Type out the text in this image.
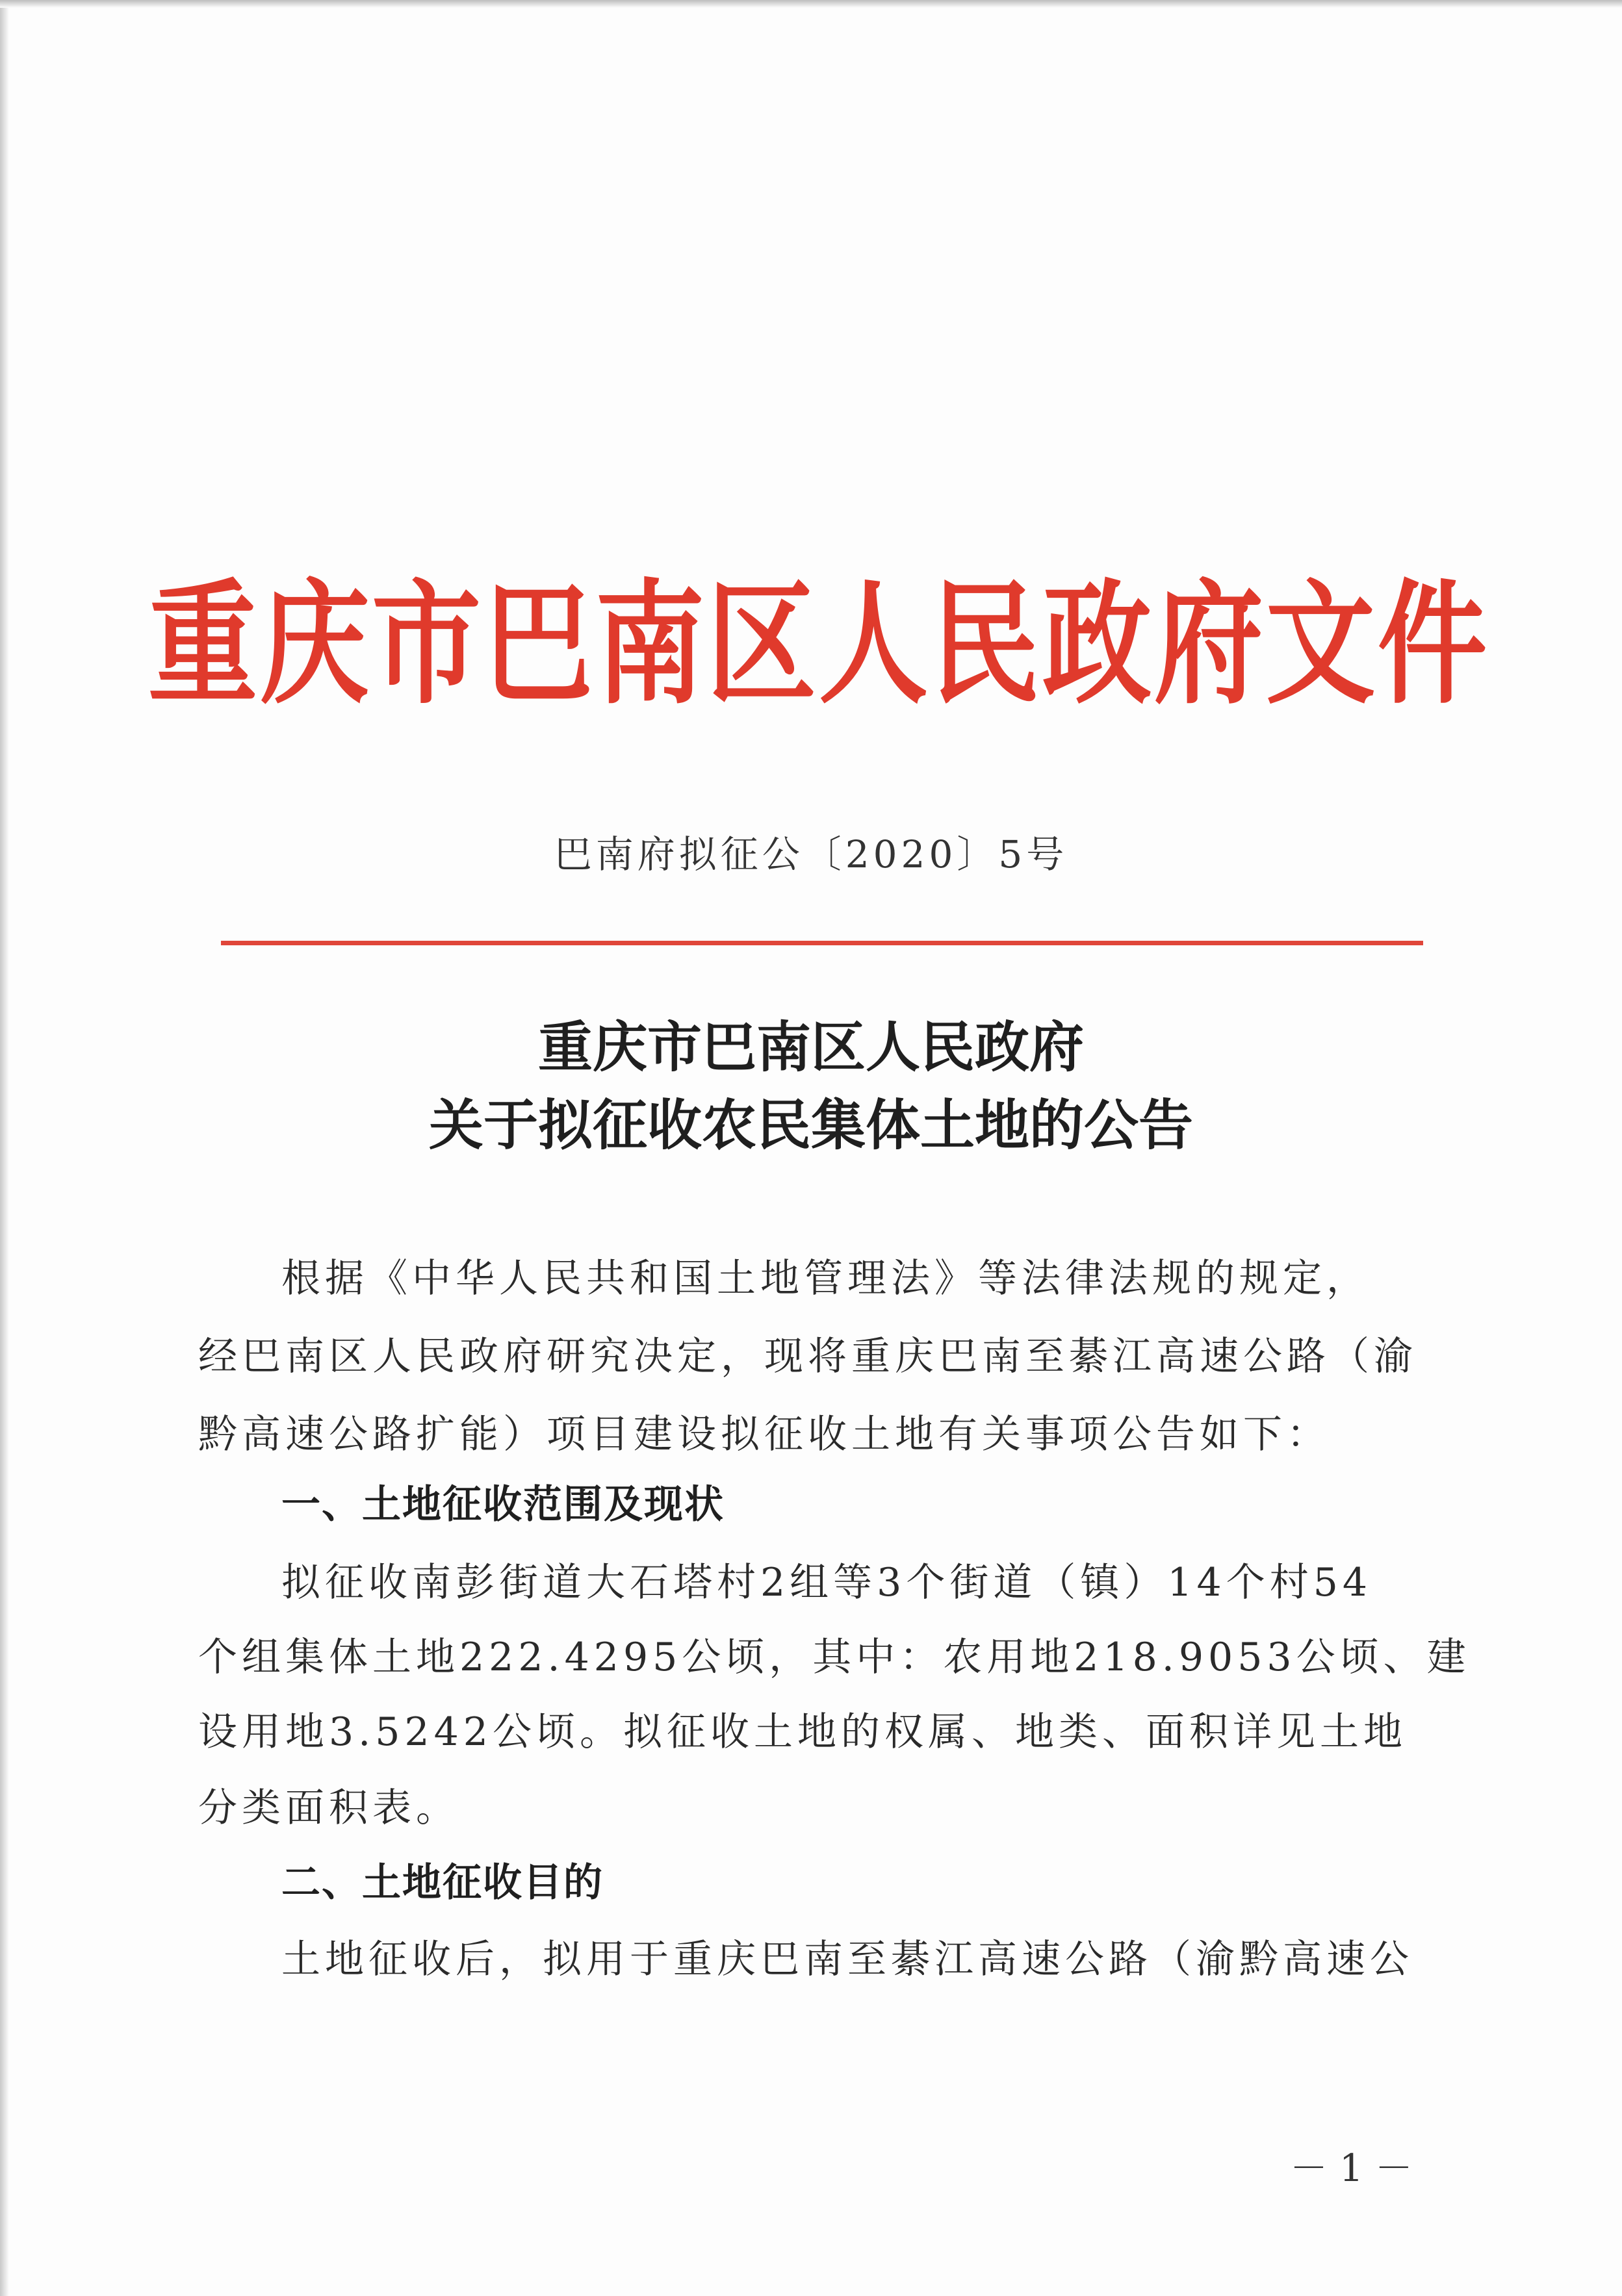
重庆市巴南区人民政府文件
巴南府拟征公〔2020〕5号
重庆市巴南区人民政府
关于拟征收农民集体土地的公告
根据《中华人民共和国土地管理法》等法律法规的规定，
经巴南区人民政府研究决定，现将重庆巴南至綦江高速公路（渝
黔高速公路扩能）项目建设拟征收土地有关事项公告如下：
一、土地征收范围及现状
拟征收南彭街道大石塔村2组等3个街道（镇）14个村54
个组集体土地222.4295公顷，其中：农用地218.9053公顷、建
设用地3.5242公顷。拟征收土地的权属、地类、面积详见土地
分类面积表。
二、土地征收目的
土地征收后，拟用于重庆巴南至綦江高速公路（渝黔高速公
－1－
